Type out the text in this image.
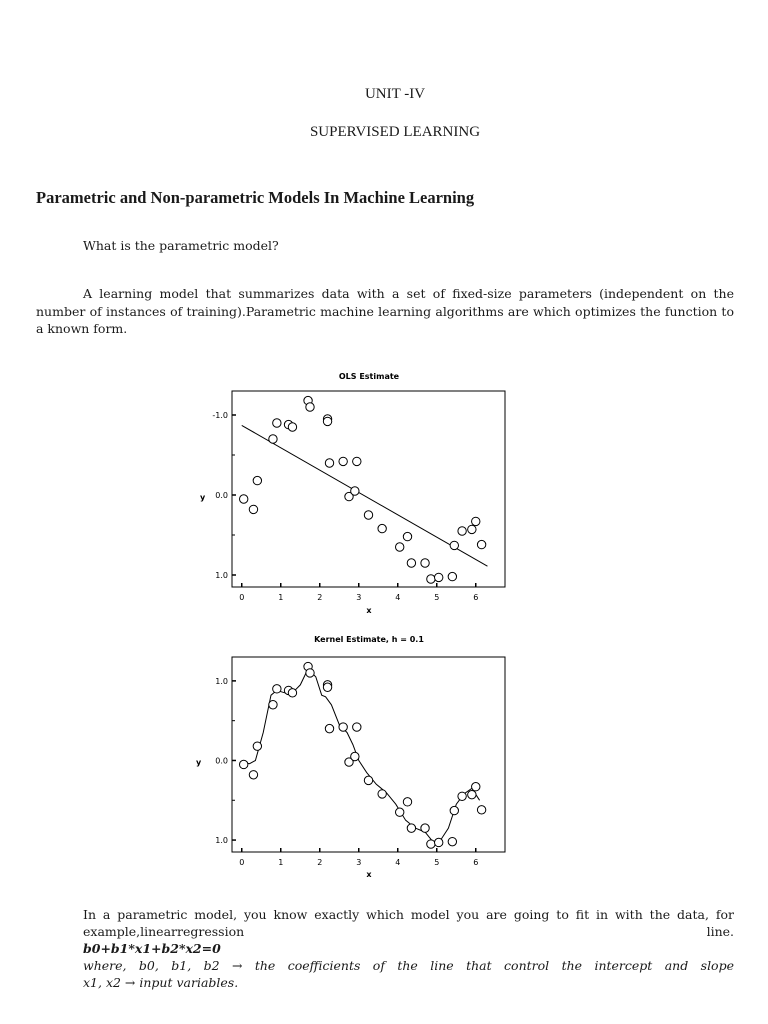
UNIT -IV
SUPERVISED LEARNING
Parametric and Non-parametric Models In Machine Learning
What is the parametric model?
A learning model that summarizes data with a set of fixed-size parameters (independent on the number of instances of training).Parametric machine learning algorithms are which optimizes the function to a known form.
OLS Estimate
y
x
0	1	2	3	4	5	6
-1.0
0.0
1.0
Kernel Estimate, h = 0.1
y
x
0	1	2	3	4	5	6
1.0
0.0
1.0
In a parametric model, you know exactly which model you are going to fit in with the data, for
example,linearregression	line.
b0+b1*x1+b2*x2=0
where, b0, b1, b2 → the coefficients of the line that control the intercept and slope
x1, x2 → input variables.
